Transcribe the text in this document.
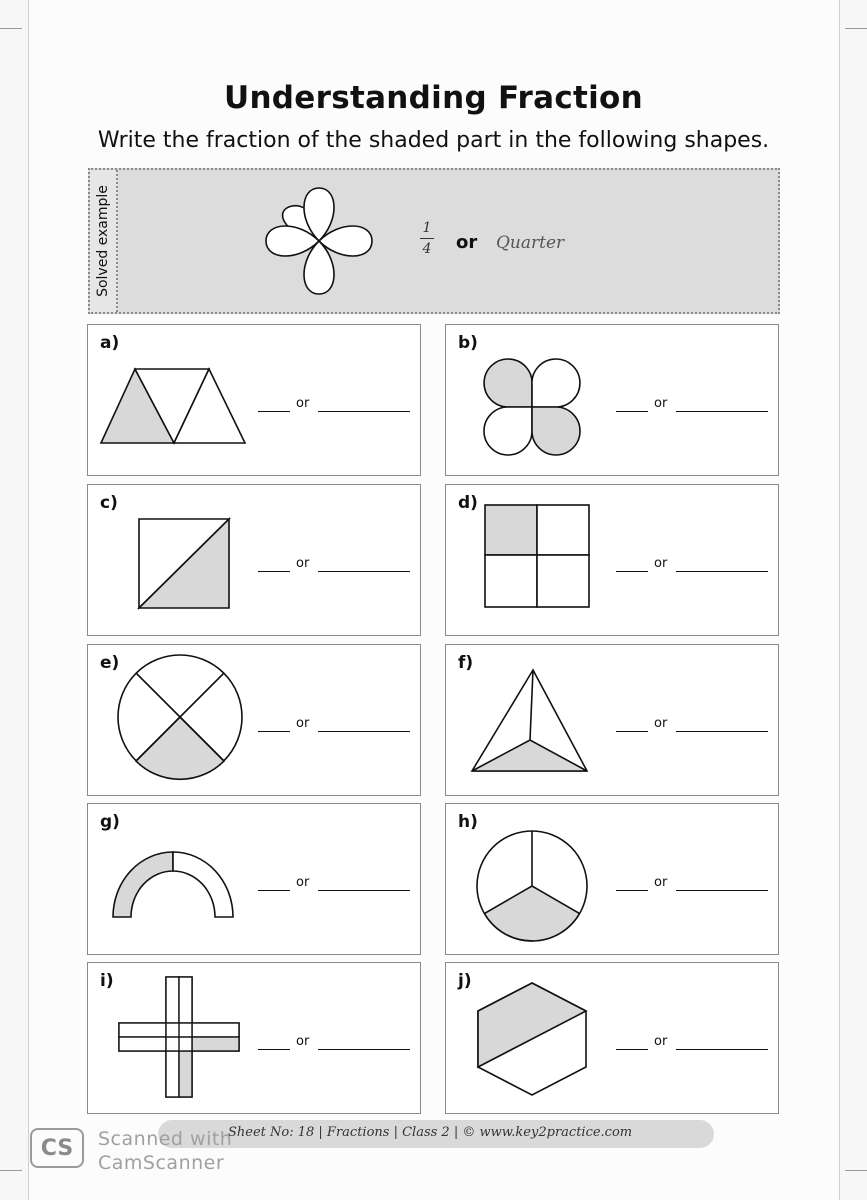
Understanding Fraction
Write the fraction of the shaded part in the following shapes.
Solved example	1
4 or Quarter
a)
or
b)
or
c)
or
d)
or
e)
or
f)
or
g)
or
h)
or
i)
or
j)
or
Sheet No: 18 | Fractions | Class 2 | © www.key2practice.com
CS Scanned with
CamScanner
